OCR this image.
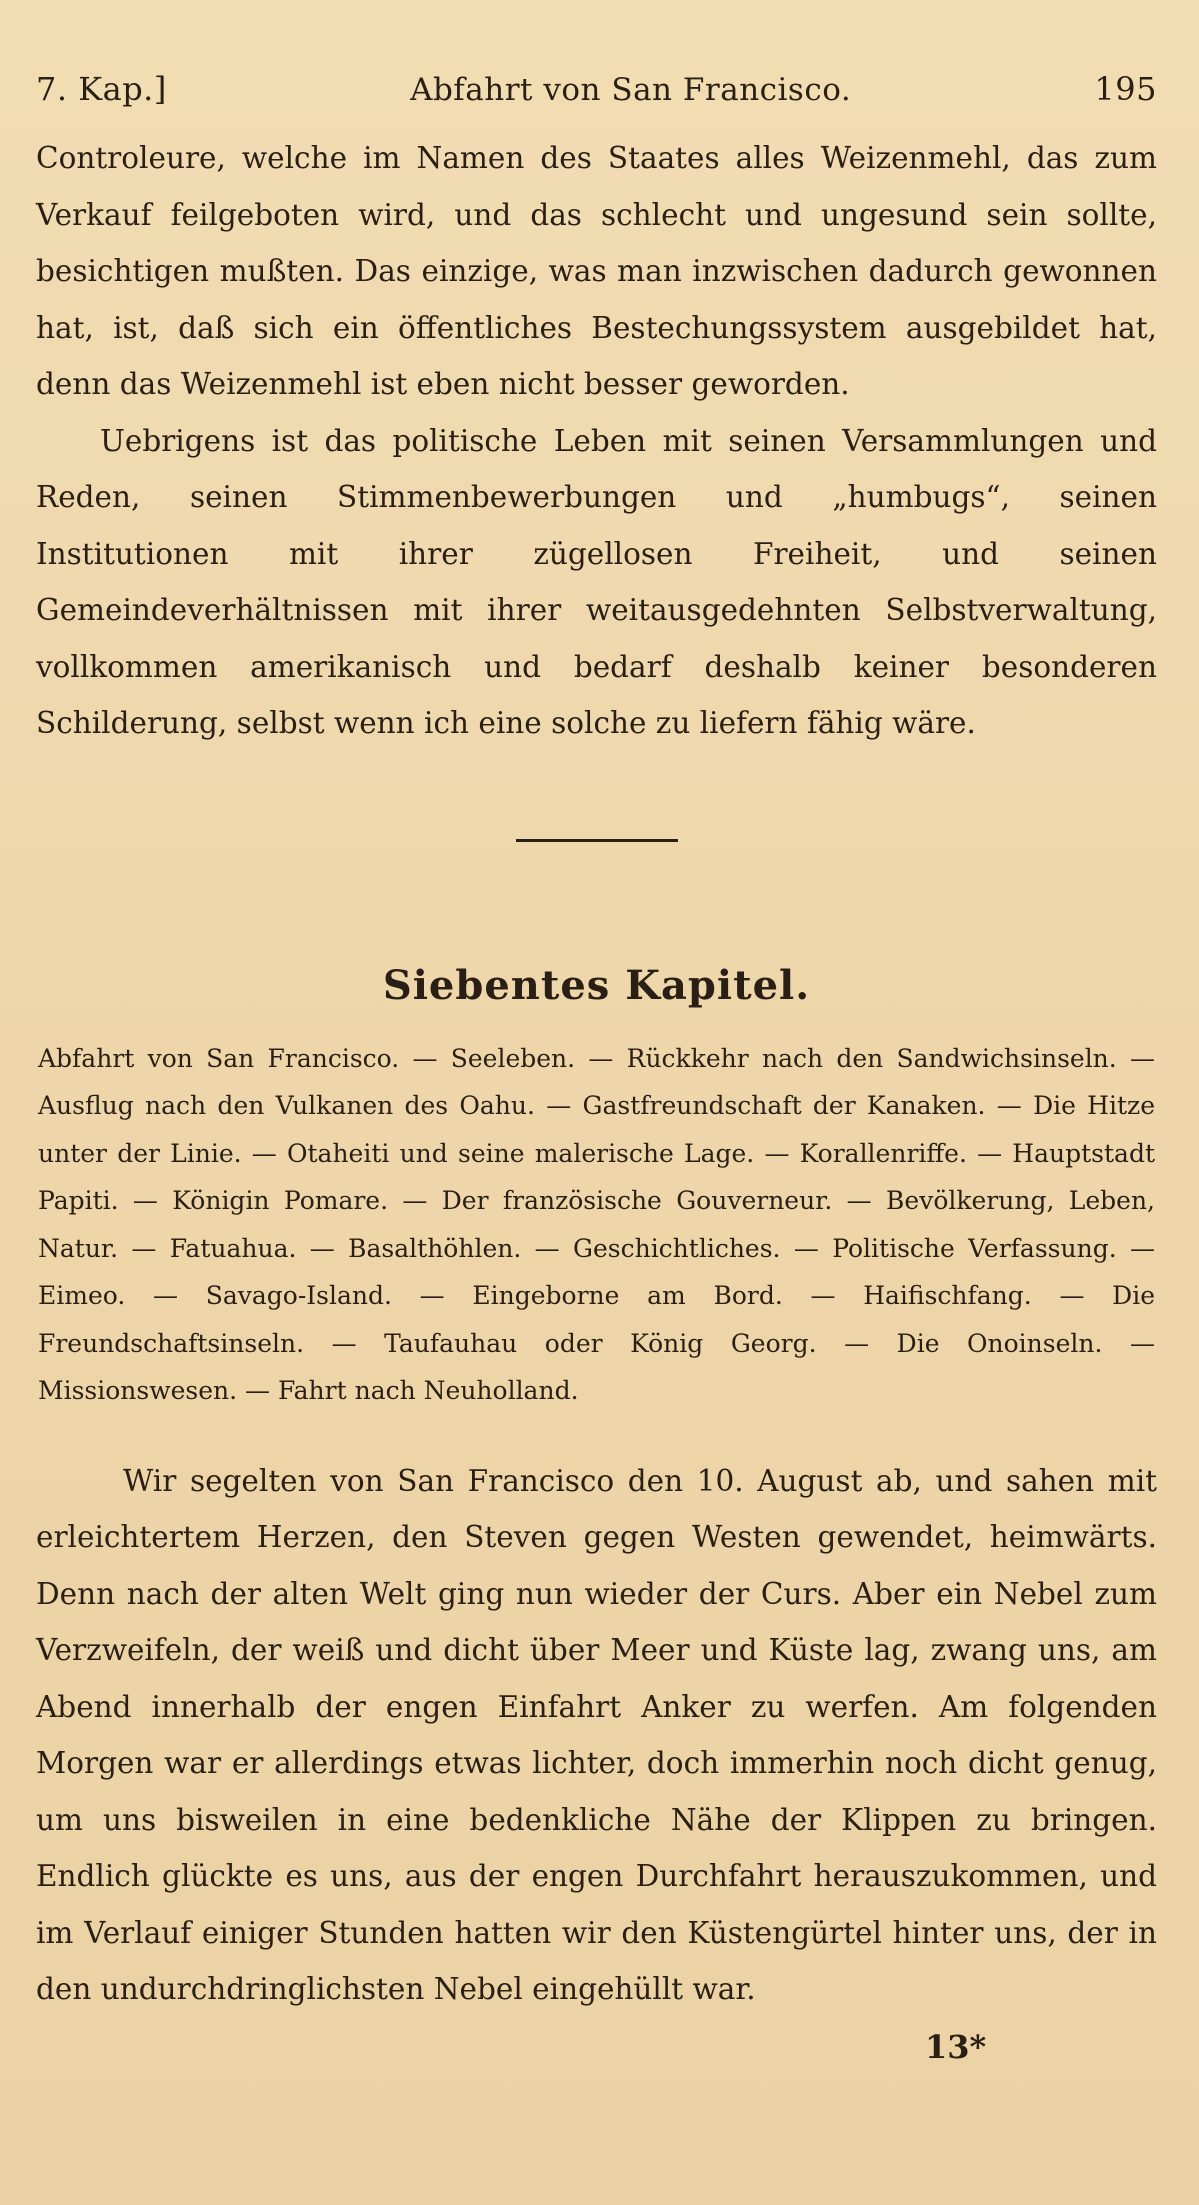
7. Kap.]	Abfahrt von San Francisco.	195

Controleure, welche im Namen des Staates alles Weizenmehl, das zum Verkauf feilgeboten wird, und das schlecht und ungesund sein sollte, besichtigen mußten. Das einzige, was man inzwischen dadurch gewonnen hat, ist, daß sich ein öffentliches Bestechungssystem ausgebildet hat, denn das Weizenmehl ist eben nicht besser geworden.

Uebrigens ist das politische Leben mit seinen Versammlungen und Reden, seinen Stimmenbewerbungen und „humbugs“, seinen Institutionen mit ihrer zügellosen Freiheit, und seinen Gemeindeverhältnissen mit ihrer weitausgedehnten Selbstverwaltung, vollkommen amerikanisch und bedarf deshalb keiner besonderen Schilderung, selbst wenn ich eine solche zu liefern fähig wäre.

Siebentes Kapitel.
Abfahrt von San Francisco. — Seeleben. — Rückkehr nach den Sandwichsinseln. — Ausflug nach den Vulkanen des Oahu. — Gastfreundschaft der Kanaken. — Die Hitze unter der Linie. — Otaheiti und seine malerische Lage. — Korallenriffe. — Hauptstadt Papiti. — Königin Pomare. — Der französische Gouverneur. — Bevölkerung, Leben, Natur. — Fatuahua. — Basalthöhlen. — Geschichtliches. — Politische Verfassung. — Eimeo. — Savago-Island. — Eingeborne am Bord. — Haifischfang. — Die Freundschaftsinseln. — Taufauhau oder König Georg. — Die Onoinseln. — Missionswesen. — Fahrt nach Neuholland.

Wir segelten von San Francisco den 10. August ab, und sahen mit erleichtertem Herzen, den Steven gegen Westen gewendet, heimwärts. Denn nach der alten Welt ging nun wieder der Curs. Aber ein Nebel zum Verzweifeln, der weiß und dicht über Meer und Küste lag, zwang uns, am Abend innerhalb der engen Einfahrt Anker zu werfen. Am folgenden Morgen war er allerdings etwas lichter, doch immerhin noch dicht genug, um uns bisweilen in eine bedenkliche Nähe der Klippen zu bringen. Endlich glückte es uns, aus der engen Durchfahrt herauszukommen, und im Verlauf einiger Stunden hatten wir den Küstengürtel hinter uns, der in den undurchdringlichsten Nebel eingehüllt war.

13*
